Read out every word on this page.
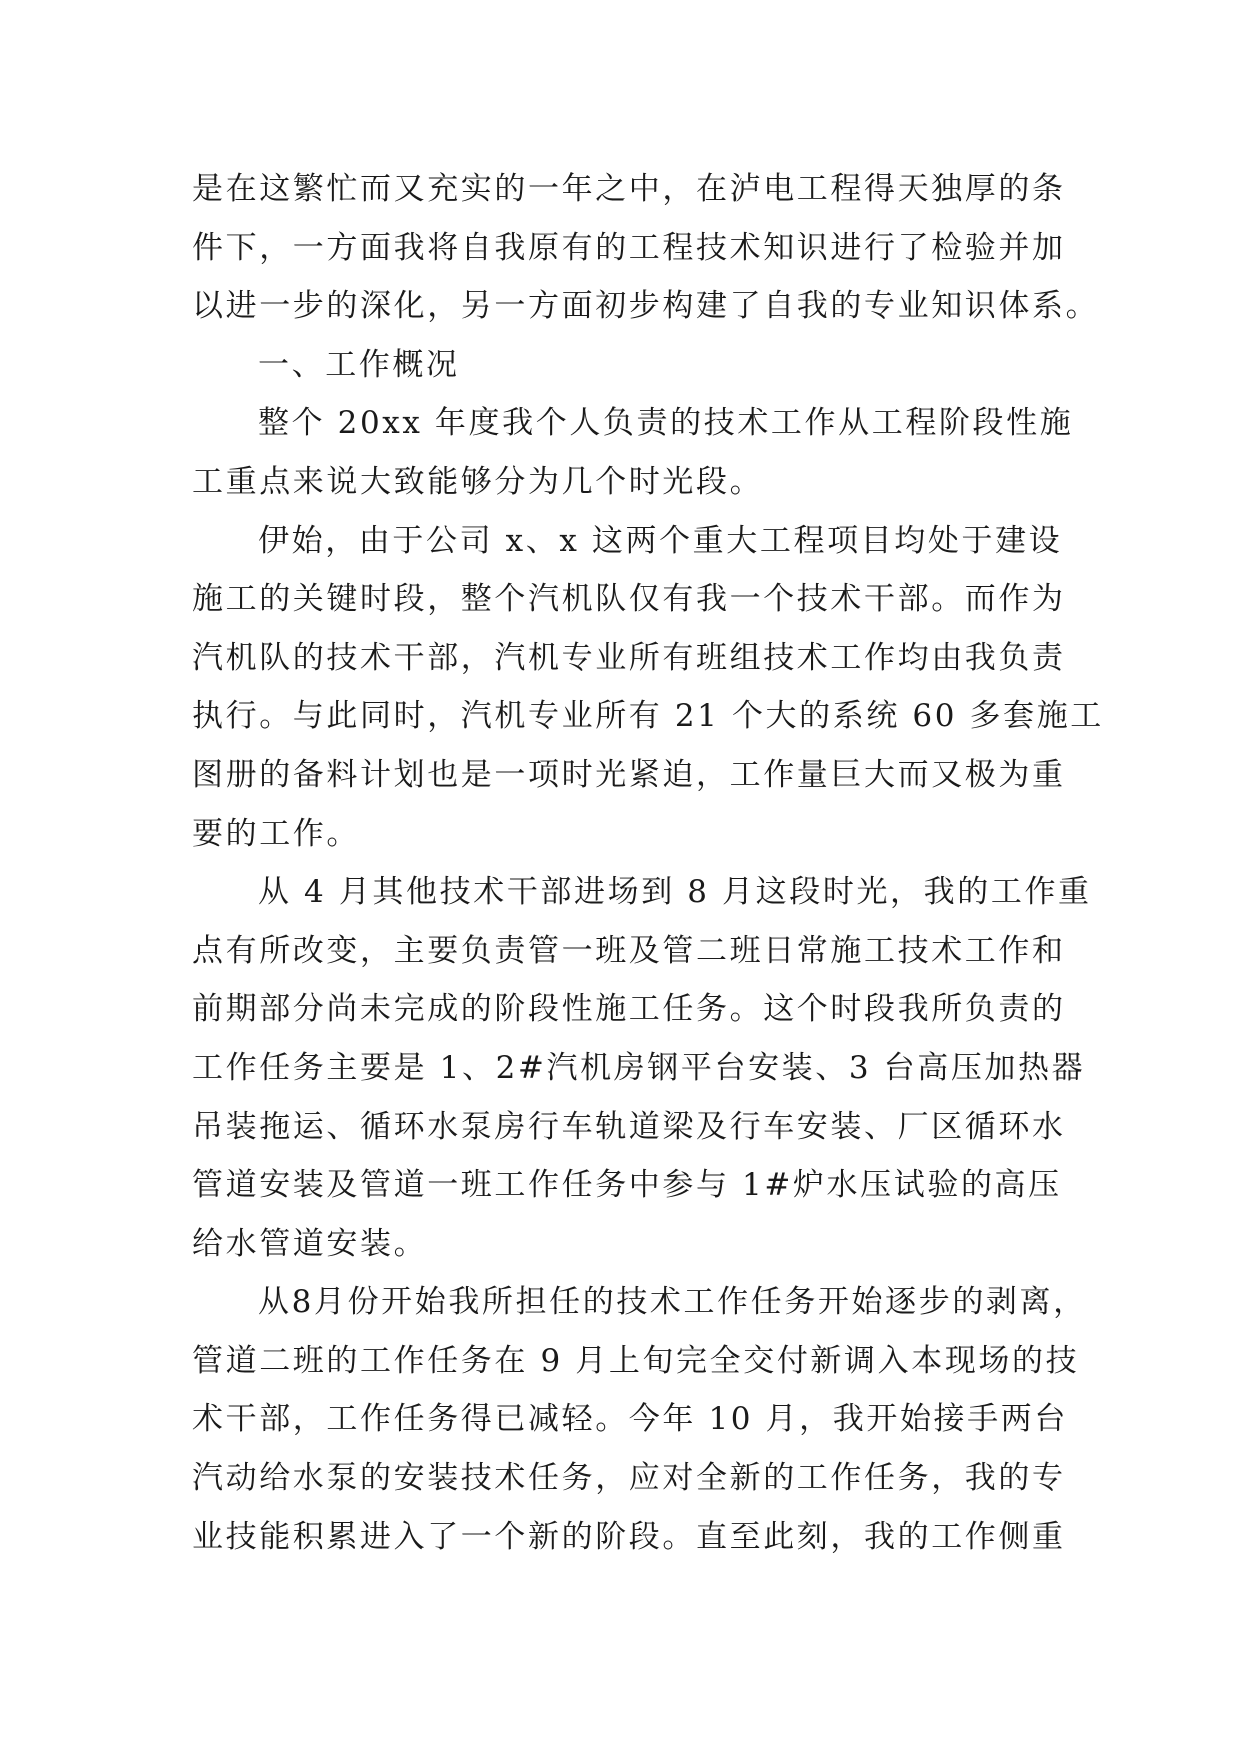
是在这繁忙而又充实的一年之中，在泸电工程得天独厚的条
件下，一方面我将自我原有的工程技术知识进行了检验并加
以进一步的深化，另一方面初步构建了自我的专业知识体系。
一、工作概况
整个 20xx 年度我个人负责的技术工作从工程阶段性施
工重点来说大致能够分为几个时光段。
伊始，由于公司 x、x 这两个重大工程项目均处于建设
施工的关键时段，整个汽机队仅有我一个技术干部。而作为
汽机队的技术干部，汽机专业所有班组技术工作均由我负责
执行。与此同时，汽机专业所有 21 个大的系统 60 多套施工
图册的备料计划也是一项时光紧迫，工作量巨大而又极为重
要的工作。
从 4 月其他技术干部进场到 8 月这段时光，我的工作重
点有所改变，主要负责管一班及管二班日常施工技术工作和
前期部分尚未完成的阶段性施工任务。这个时段我所负责的
工作任务主要是 1、2#汽机房钢平台安装、3 台高压加热器
吊装拖运、循环水泵房行车轨道梁及行车安装、厂区循环水
管道安装及管道一班工作任务中参与 1#炉水压试验的高压
给水管道安装。
从8月份开始我所担任的技术工作任务开始逐步的剥离，
管道二班的工作任务在 9 月上旬完全交付新调入本现场的技
术干部，工作任务得已减轻。今年 10 月，我开始接手两台
汽动给水泵的安装技术任务，应对全新的工作任务，我的专
业技能积累进入了一个新的阶段。直至此刻，我的工作侧重
